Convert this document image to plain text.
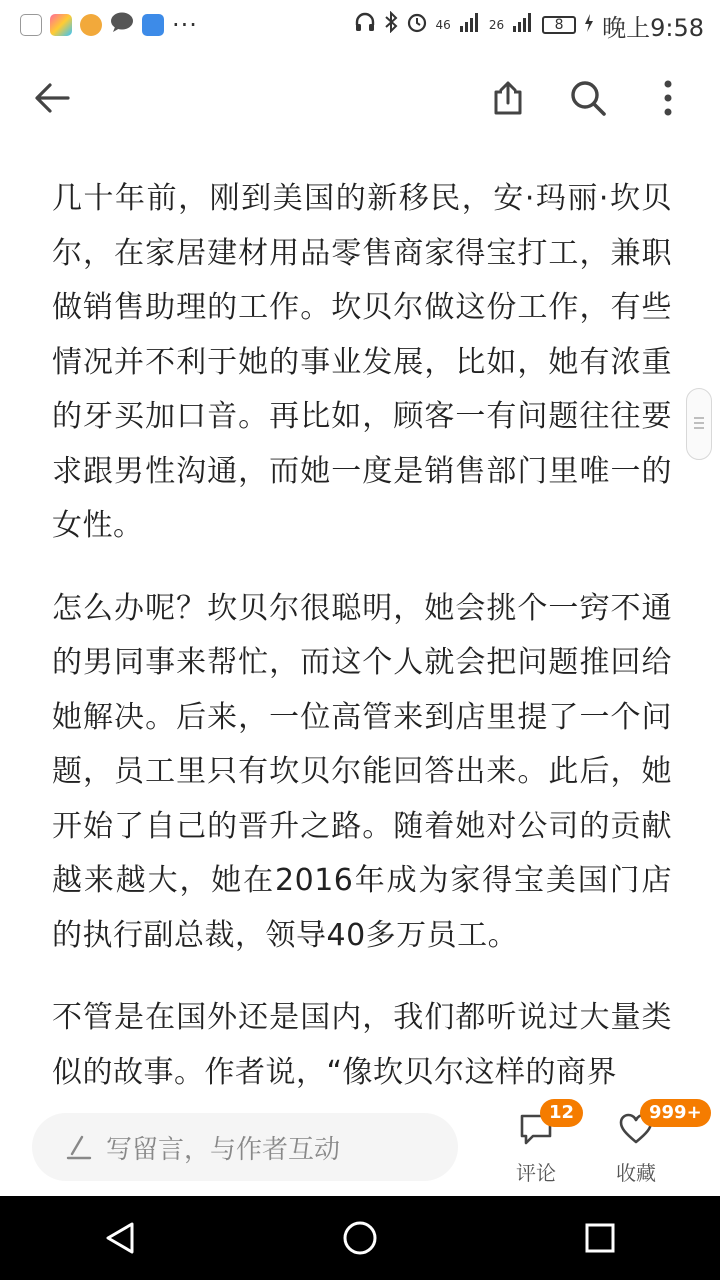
···	46	26	8	晚上9:58

几十年前，刚到美国的新移民，安·玛丽·坎贝尔，在家居建材用品零售商家得宝打工，兼职做销售助理的工作。坎贝尔做这份工作，有些情况并不利于她的事业发展，比如，她有浓重的牙买加口音。再比如，顾客一有问题往往要求跟男性沟通，而她一度是销售部门里唯一的女性。

怎么办呢？坎贝尔很聪明，她会挑个一窍不通的男同事来帮忙，而这个人就会把问题推回给她解决。后来，一位高管来到店里提了一个问题，员工里只有坎贝尔能回答出来。此后，她开始了自己的晋升之路。随着她对公司的贡献越来越大，她在2016年成为家得宝美国门店的执行副总裁，领导40多万员工。

不管是在国外还是国内，我们都听说过大量类似的故事。作者说，“像坎贝尔这样的商界

写留言，与作者互动
12
评论
999+
收藏
